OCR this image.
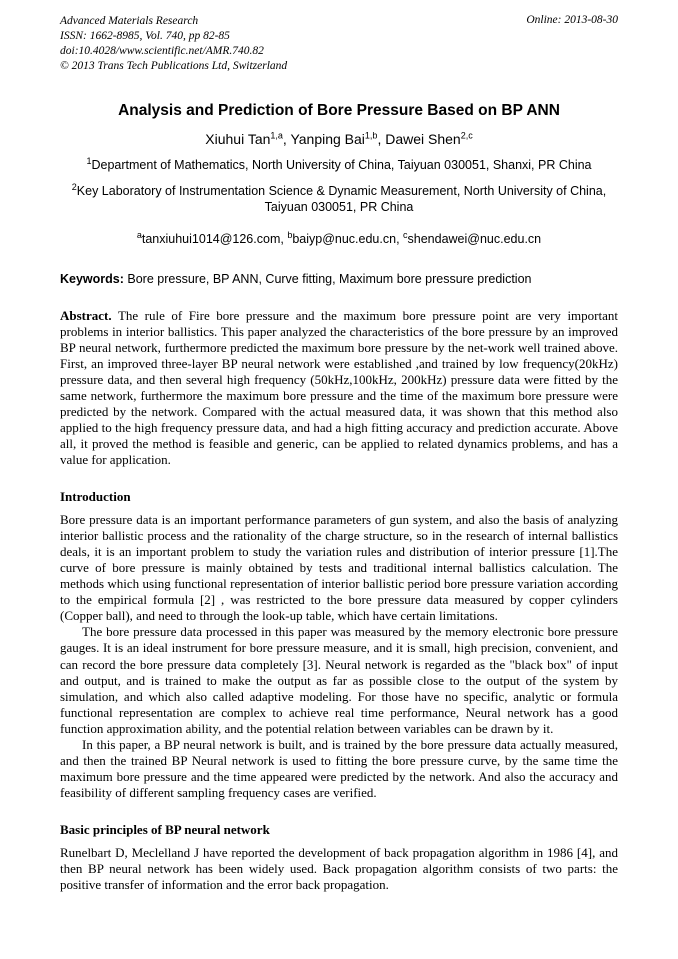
Advanced Materials Research
ISSN: 1662-8985, Vol. 740, pp 82-85
doi:10.4028/www.scientific.net/AMR.740.82
© 2013 Trans Tech Publications Ltd, Switzerland
Online: 2013-08-30
Analysis and Prediction of Bore Pressure Based on BP ANN
Xiuhui Tan$^{1,a}$, Yanping Bai$^{1,b}$, Dawei Shen$^{2,c}$
$^1$Department of Mathematics, North University of China, Taiyuan 030051, Shanxi, PR China
$^2$Key Laboratory of Instrumentation Science & Dynamic Measurement, North University of China, Taiyuan 030051, PR China
$^a$tanxiuhui1014@126.com, $^b$baiyp@nuc.edu.cn, $^c$shendawei@nuc.edu.cn
Keywords: Bore pressure, BP ANN, Curve fitting, Maximum bore pressure prediction

Abstract. The rule of Fire bore pressure and the maximum bore pressure point are very important problems in interior ballistics. This paper analyzed the characteristics of the bore pressure by an improved BP neural network, furthermore predicted the maximum bore pressure by the net-work well trained above. First, an improved three-layer BP neural network were established ,and trained by low frequency(20kHz) pressure data, and then several high frequency (50kHz,100kHz, 200kHz) pressure data were fitted by the same network, furthermore the maximum bore pressure and the time of the maximum bore pressure were predicted by the network. Compared with the actual measured data, it was shown that this method also applied to the high frequency pressure data, and had a high fitting accuracy and prediction accurate. Above all, it proved the method is feasible and generic, can be applied to related dynamics problems, and has a value for application.

Introduction

Bore pressure data is an important performance parameters of gun system, and also the basis of analyzing interior ballistic process and the rationality of the charge structure, so in the research of internal ballistics deals, it is an important problem to study the variation rules and distribution of interior pressure [1].The curve of bore pressure is mainly obtained by tests and traditional internal ballistics calculation. The methods which using functional representation of interior ballistic period bore pressure variation according to the empirical formula [2] , was restricted to the bore pressure data measured by copper cylinders (Copper ball), and need to through the look-up table, which have certain limitations.

The bore pressure data processed in this paper was measured by the memory electronic bore pressure gauges. It is an ideal instrument for bore pressure measure, and it is small, high precision, convenient, and can record the bore pressure data completely [3]. Neural network is regarded as the "black box" of input and output, and is trained to make the output as far as possible close to the output of the system by simulation, and which also called adaptive modeling. For those have no specific, analytic or formula functional representation are complex to achieve real time performance, Neural network has a good function approximation ability, and the potential relation between variables can be drawn by it.

In this paper, a BP neural network is built, and is trained by the bore pressure data actually measured, and then the trained BP Neural network is used to fitting the bore pressure curve, by the same time the maximum bore pressure and the time appeared were predicted by the network. And also the accuracy and feasibility of different sampling frequency cases are verified.

Basic principles of BP neural network

Runelbart D, Meclelland J have reported the development of back propagation algorithm in 1986 [4], and then BP neural network has been widely used. Back propagation algorithm consists of two parts: the positive transfer of information and the error back propagation.
